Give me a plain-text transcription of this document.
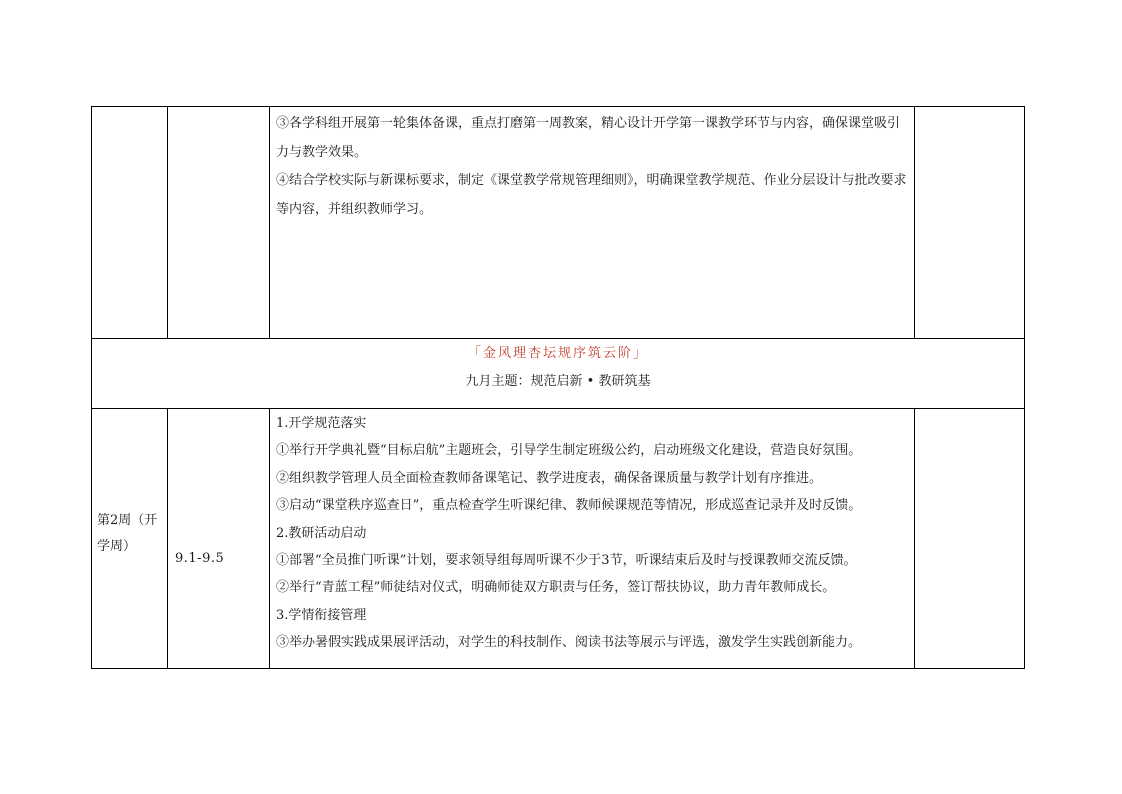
③各学科组开展第一轮集体备课，重点打磨第一周教案，精心设计开学第一课教学环节与内容，确保课堂吸引力与教学效果。
④结合学校实际与新课标要求，制定《课堂教学常规管理细则》，明确课堂教学规范、作业分层设计与批改要求等内容，并组织教师学习。
「金风理杏坛规序筑云阶」
九月主题：规范启新 • 教研筑基
第2周（开学周）
9.1-9.5
1.开学规范落实
①举行开学典礼暨“目标启航”主题班会，引导学生制定班级公约，启动班级文化建设，营造良好氛围。
②组织教学管理人员全面检查教师备课笔记、教学进度表，确保备课质量与教学计划有序推进。
③启动“课堂秩序巡查日”，重点检查学生听课纪律、教师候课规范等情况，形成巡查记录并及时反馈。
2.教研活动启动
①部署“全员推门听课”计划，要求领导组每周听课不少于3节，听课结束后及时与授课教师交流反馈。
②举行“青蓝工程”师徒结对仪式，明确师徒双方职责与任务，签订帮扶协议，助力青年教师成长。
3.学情衔接管理
③举办暑假实践成果展评活动，对学生的科技制作、阅读书法等展示与评选，激发学生实践创新能力。
